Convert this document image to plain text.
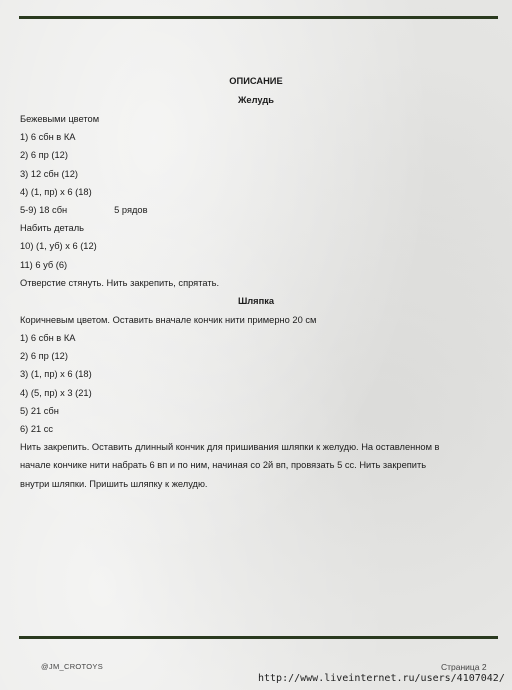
ОПИСАНИЕ
Желудь
Бежевыми цветом
1) 6 сбн в КА
2) 6 пр (12)
3) 12 сбн (12)
4) (1, пр) х 6 (18)
5-9) 18 сбн	5 рядов
Набить деталь
10) (1, уб) х 6 (12)
11) 6 уб (6)
Отверстие стянуть. Нить закрепить, спрятать.
Шляпка
Коричневым цветом. Оставить вначале кончик нити примерно 20 см
1) 6 сбн в КА
2) 6 пр (12)
3) (1, пр) х 6 (18)
4) (5, пр) х 3 (21)
5) 21 сбн
6) 21 сс
Нить закрепить. Оставить длинный кончик для пришивания шляпки к желудю. На оставленном в
начале кончике нити набрать 6 вп и по ним, начиная со 2й вп, провязать 5 сс. Нить закрепить
внутри шляпки. Пришить шляпку к желудю.
@JM_CROTOYS	Страница 2
http://www.liveinternet.ru/users/4107042/
